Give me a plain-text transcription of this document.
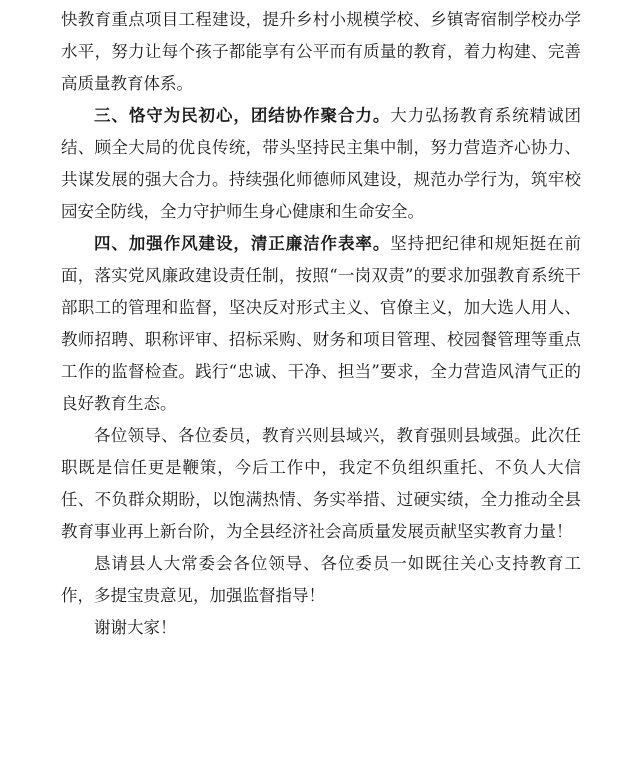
快教育重点项目工程建设，提升乡村小规模学校、乡镇寄宿制学校办学水平，努力让每个孩子都能享有公平而有质量的教育，着力构建、完善高质量教育体系。

三、恪守为民初心，团结协作聚合力。大力弘扬教育系统精诚团结、顾全大局的优良传统，带头坚持民主集中制，努力营造齐心协力、共谋发展的强大合力。持续强化师德师风建设，规范办学行为，筑牢校园安全防线，全力守护师生身心健康和生命安全。

四、加强作风建设，清正廉洁作表率。坚持把纪律和规矩挺在前面，落实党风廉政建设责任制，按照“一岗双责”的要求加强教育系统干部职工的管理和监督，坚决反对形式主义、官僚主义，加大选人用人、教师招聘、职称评审、招标采购、财务和项目管理、校园餐管理等重点工作的监督检查。践行“忠诚、干净、担当”要求，全力营造风清气正的良好教育生态。

各位领导、各位委员，教育兴则县域兴，教育强则县域强。此次任职既是信任更是鞭策，今后工作中，我定不负组织重托、不负人大信任、不负群众期盼，以饱满热情、务实举措、过硬实绩，全力推动全县教育事业再上新台阶，为全县经济社会高质量发展贡献坚实教育力量！

恳请县人大常委会各位领导、各位委员一如既往关心支持教育工作，多提宝贵意见，加强监督指导！

谢谢大家！
